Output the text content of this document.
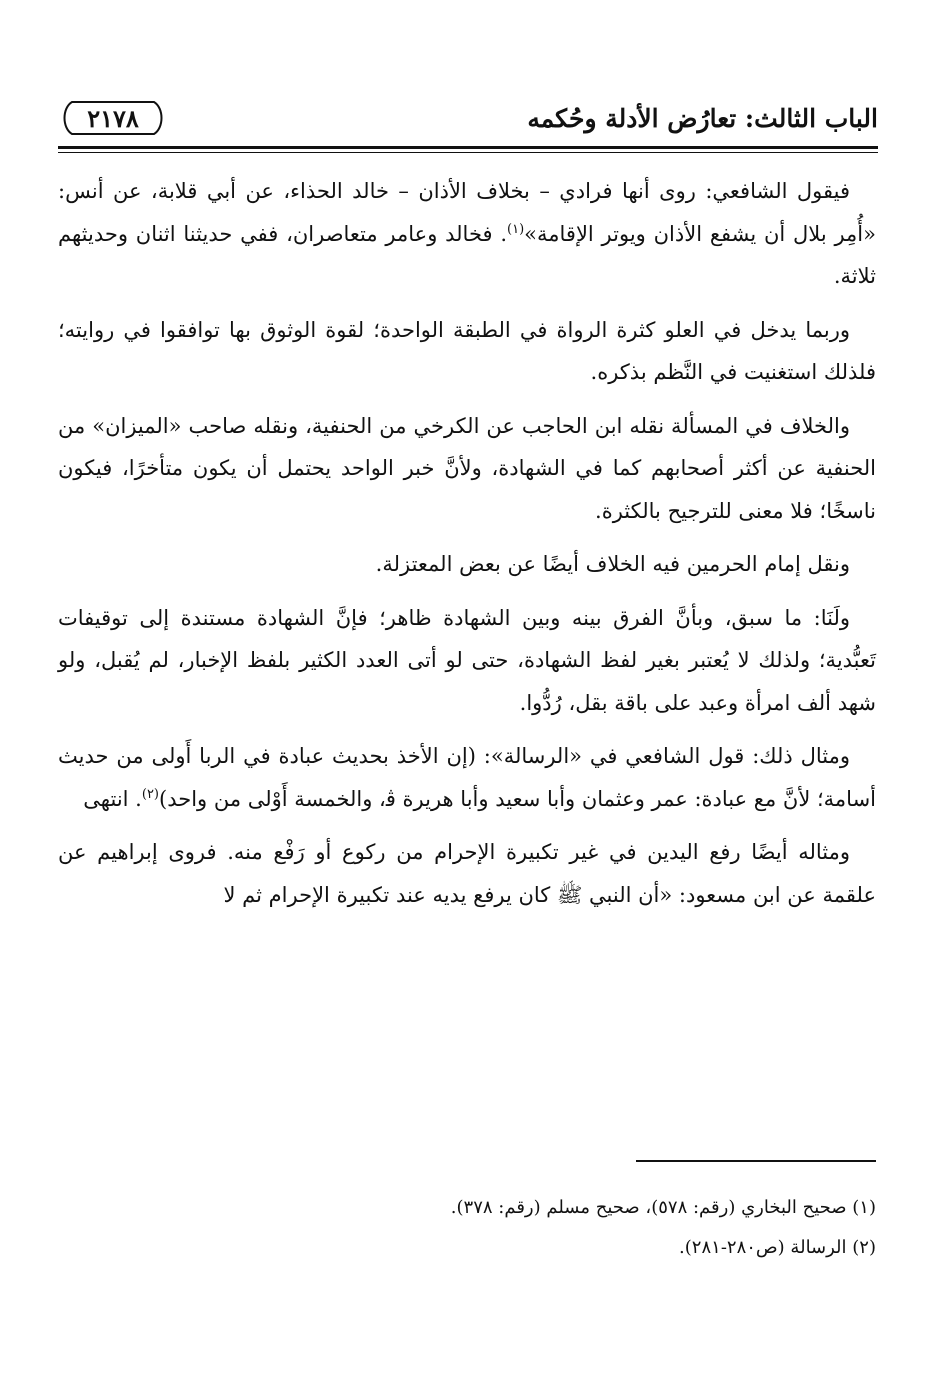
الباب الثالث: تعارُض الأدلة وحُكمه
٢١٧٨

فيقول الشافعي: روى أنها فرادي – بخلاف الأذان – خالد الحذاء، عن أبي قلابة، عن أنس: «أُمِر بلال أن يشفع الأذان ويوتر الإقامة»$^{(١)}$. فخالد وعامر متعاصران، ففي حديثنا اثنان وحديثهم ثلاثة.

وربما يدخل في العلو كثرة الرواة في الطبقة الواحدة؛ لقوة الوثوق بها توافقوا في روايته؛ فلذلك استغنيت في النَّظم بذكره.

والخلاف في المسألة نقله ابن الحاجب عن الكرخي من الحنفية، ونقله صاحب «الميزان» من الحنفية عن أكثر أصحابهم كما في الشهادة، ولأنَّ خبر الواحد يحتمل أن يكون متأخرًا، فيكون ناسخًا؛ فلا معنى للترجيح بالكثرة.

ونقل إمام الحرمين فيه الخلاف أيضًا عن بعض المعتزلة.

ولَنَا: ما سبق، وبأنَّ الفرق بينه وبين الشهادة ظاهر؛ فإنَّ الشهادة مستندة إلى توقيفات تَعبُّدية؛ ولذلك لا يُعتبر بغير لفظ الشهادة، حتى لو أتى العدد الكثير بلفظ الإخبار، لم يُقبل، ولو شهد ألف امرأة وعبد على باقة بقل، رُدُّوا.

ومثال ذلك: قول الشافعي في «الرسالة»: (إن الأخذ بحديث عبادة في الربا أَولى من حديث أسامة؛ لأنَّ مع عبادة: عمر وعثمان وأبا سعيد وأبا هريرة ﭬ، والخمسة أَوْلى من واحد)$^{(٢)}$. انتهى

ومثاله أيضًا رفع اليدين في غير تكبيرة الإحرام من ركوع أو رَفْع منه. فروى إبراهيم عن علقمة عن ابن مسعود: «أن النبي ﷺ كان يرفع يديه عند تكبيرة الإحرام ثم لا

(١) صحيح البخاري (رقم: ٥٧٨)، صحيح مسلم (رقم: ٣٧٨).

(٢) الرسالة (ص٢٨٠-٢٨١).
